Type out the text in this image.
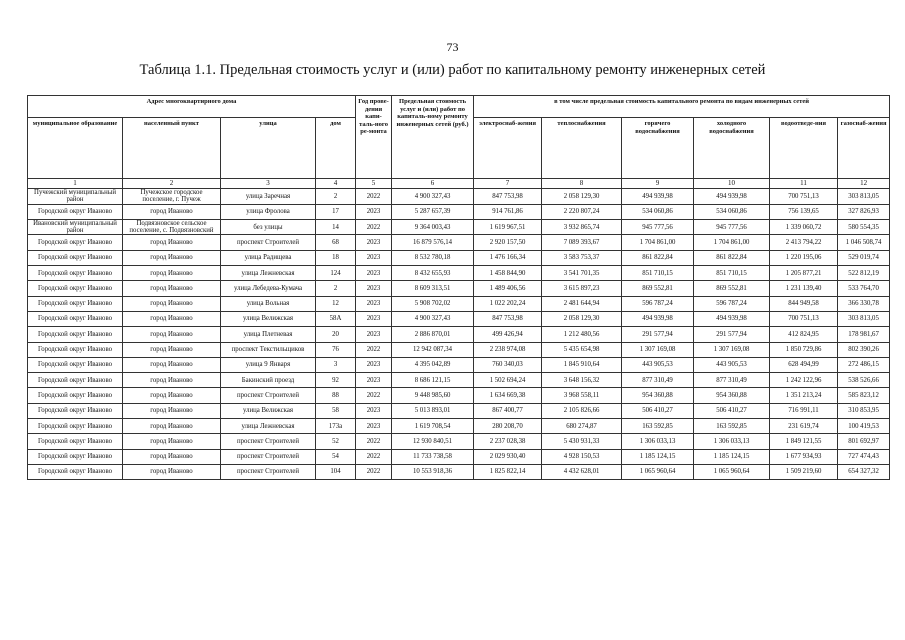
73
Таблица 1.1. Предельная стоимость услуг и (или) работ по капитальному ремонту инженерных сетей
Адрес многоквартирного дома				Год прове-дения капи-таль-ного ре-монта	Предельная стоимость услуг и (или) работ по капиталь-ному ремонту инженерных сетей (руб.)	в том числе предельная стоимость капитального ремонта по видам инженерных сетей					
муниципальное образование	населенный пункт	улица	дом			электроснаб-жения	теплоснабжения	горячего водоснабжения	холодного водоснабжения	водоотведе-ния	газоснаб-жения
1	2	3	4	5	6	7	8	9	10	11	12
Пучежский муниципальный район	Пучежское городское поселение, г. Пучеж	улица Заречная	2	2022	4 900 327,43	847 753,98	2 058 129,30	494 939,98	494 939,98	700 751,13	303 813,05
Городской округ Иваново	город Иваново	улица Фролова	17	2023	5 287 657,39	914 761,86	2 220 807,24	534 060,86	534 060,86	756 139,65	327 826,93
Ивановский муниципальный район	Подвязновское сельское поселение, с. Подвязновский	без улицы	14	2022	9 364 003,43	1 619 967,51	3 932 865,74	945 777,56	945 777,56	1 339 060,72	580 554,35
Городской округ Иваново	город Иваново	проспект Строителей	68	2023	16 879 576,14	2 920 157,50	7 089 393,67	1 704 861,00	1 704 861,00	2 413 794,22	1 046 508,74
Городской округ Иваново	город Иваново	улица Радищева	18	2023	8 532 780,18	1 476 166,34	3 583 753,37	861 822,84	861 822,84	1 220 195,06	529 019,74
Городской округ Иваново	город Иваново	улица Лежневская	124	2023	8 432 655,93	1 458 844,90	3 541 701,35	851 710,15	851 710,15	1 205 877,21	522 812,19
Городской округ Иваново	город Иваново	улица Лебедева-Кумача	2	2023	8 609 313,51	1 489 406,56	3 615 897,23	869 552,81	869 552,81	1 231 139,40	533 764,70
Городской округ Иваново	город Иваново	улица Вольная	12	2023	5 908 702,02	1 022 202,24	2 481 644,94	596 787,24	596 787,24	844 949,58	366 330,78
Городской округ Иваново	город Иваново	улица Велижская	58А	2023	4 900 327,43	847 753,98	2 058 129,30	494 939,98	494 939,98	700 751,13	303 813,05
Городской округ Иваново	город Иваново	улица Плетневая	20	2023	2 886 870,01	499 426,94	1 212 480,56	291 577,94	291 577,94	412 824,95	178 981,67
Городской округ Иваново	город Иваново	проспект Текстильщиков	76	2022	12 942 087,34	2 238 974,08	5 435 654,98	1 307 169,08	1 307 169,08	1 850 729,86	802 390,26
Городской округ Иваново	город Иваново	улица 9 Января	3	2023	4 395 042,89	760 340,03	1 845 910,64	443 905,53	443 905,53	628 494,99	272 486,15
Городской округ Иваново	город Иваново	Бакинский проезд	92	2023	8 686 121,15	1 502 694,24	3 648 156,32	877 310,49	877 310,49	1 242 122,96	538 526,66
Городской округ Иваново	город Иваново	проспект Строителей	88	2022	9 448 985,60	1 634 669,38	3 968 558,11	954 360,88	954 360,88	1 351 213,24	585 823,12
Городской округ Иваново	город Иваново	улица Велижская	58	2023	5 013 893,01	867 400,77	2 105 826,66	506 410,27	506 410,27	716 991,11	310 853,95
Городской округ Иваново	город Иваново	улица Лежневская	173а	2023	1 619 708,54	280 208,70	680 274,87	163 592,85	163 592,85	231 619,74	100 419,53
Городской округ Иваново	город Иваново	проспект Строителей	52	2022	12 930 840,51	2 237 028,38	5 430 931,33	1 306 033,13	1 306 033,13	1 849 121,55	801 692,97
Городской округ Иваново	город Иваново	проспект Строителей	54	2022	11 733 738,58	2 029 930,40	4 928 150,53	1 185 124,15	1 185 124,15	1 677 934,93	727 474,43
Городской округ Иваново	город Иваново	проспект Строителей	104	2022	10 553 918,36	1 825 822,14	4 432 628,01	1 065 960,64	1 065 960,64	1 509 219,60	654 327,32
